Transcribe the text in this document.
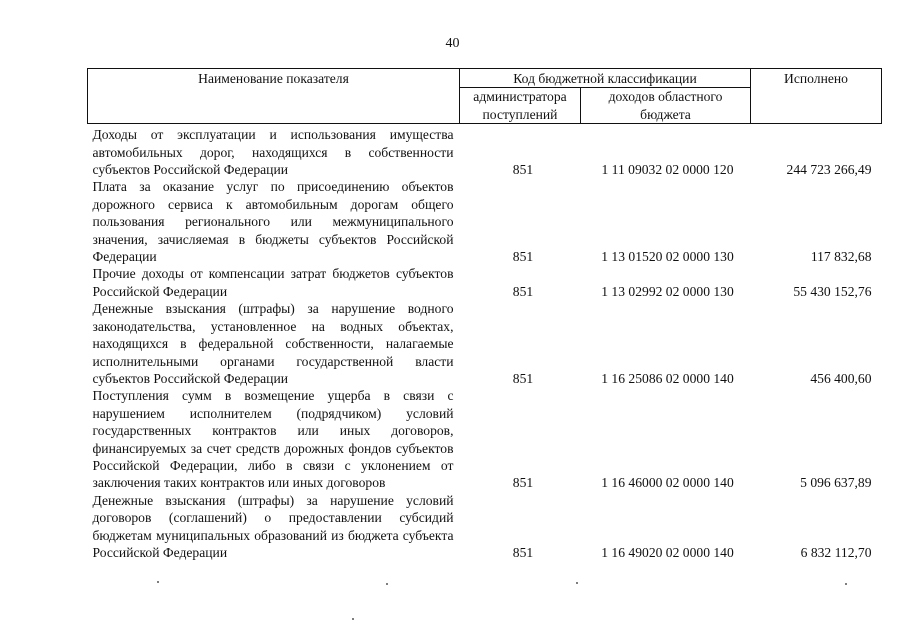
40
Наименование показателя	Код бюджетной классификации		Исполнено
	администратора поступлений	доходов областного бюджета	
Доходы от эксплуатации и использования имущества автомобильных дорог, находящихся в собственности субъектов Российской Федерации	851	1 11 09032 02 0000 120	244 723 266,49
Плата за оказание услуг по присоединению объектов дорожного сервиса к автомобильным дорогам общего пользования регионального или межмуниципального значения, зачисляемая в бюджеты субъектов Российской Федерации	851	1 13 01520 02 0000 130	117 832,68
Прочие доходы от компенсации затрат бюджетов субъектов Российской Федерации	851	1 13 02992 02 0000 130	55 430 152,76
Денежные взыскания (штрафы) за нарушение водного законодательства, установленное на водных объектах, находящихся в федеральной собственности, налагаемые исполнительными органами государственной власти субъектов Российской Федерации	851	1 16 25086 02 0000 140	456 400,60
Поступления сумм в возмещение ущерба в связи с нарушением исполнителем (подрядчиком) условий государственных контрактов или иных договоров, финансируемых за счет средств дорожных фондов субъектов Российской Федерации, либо в связи с уклонением от заключения таких контрактов или иных договоров	851	1 16 46000 02 0000 140	5 096 637,89
Денежные взыскания (штрафы) за нарушение условий договоров (соглашений) о предоставлении субсидий бюджетам муниципальных образований из бюджета субъекта Российской Федерации	851	1 16 49020 02 0000 140	6 832 112,70
